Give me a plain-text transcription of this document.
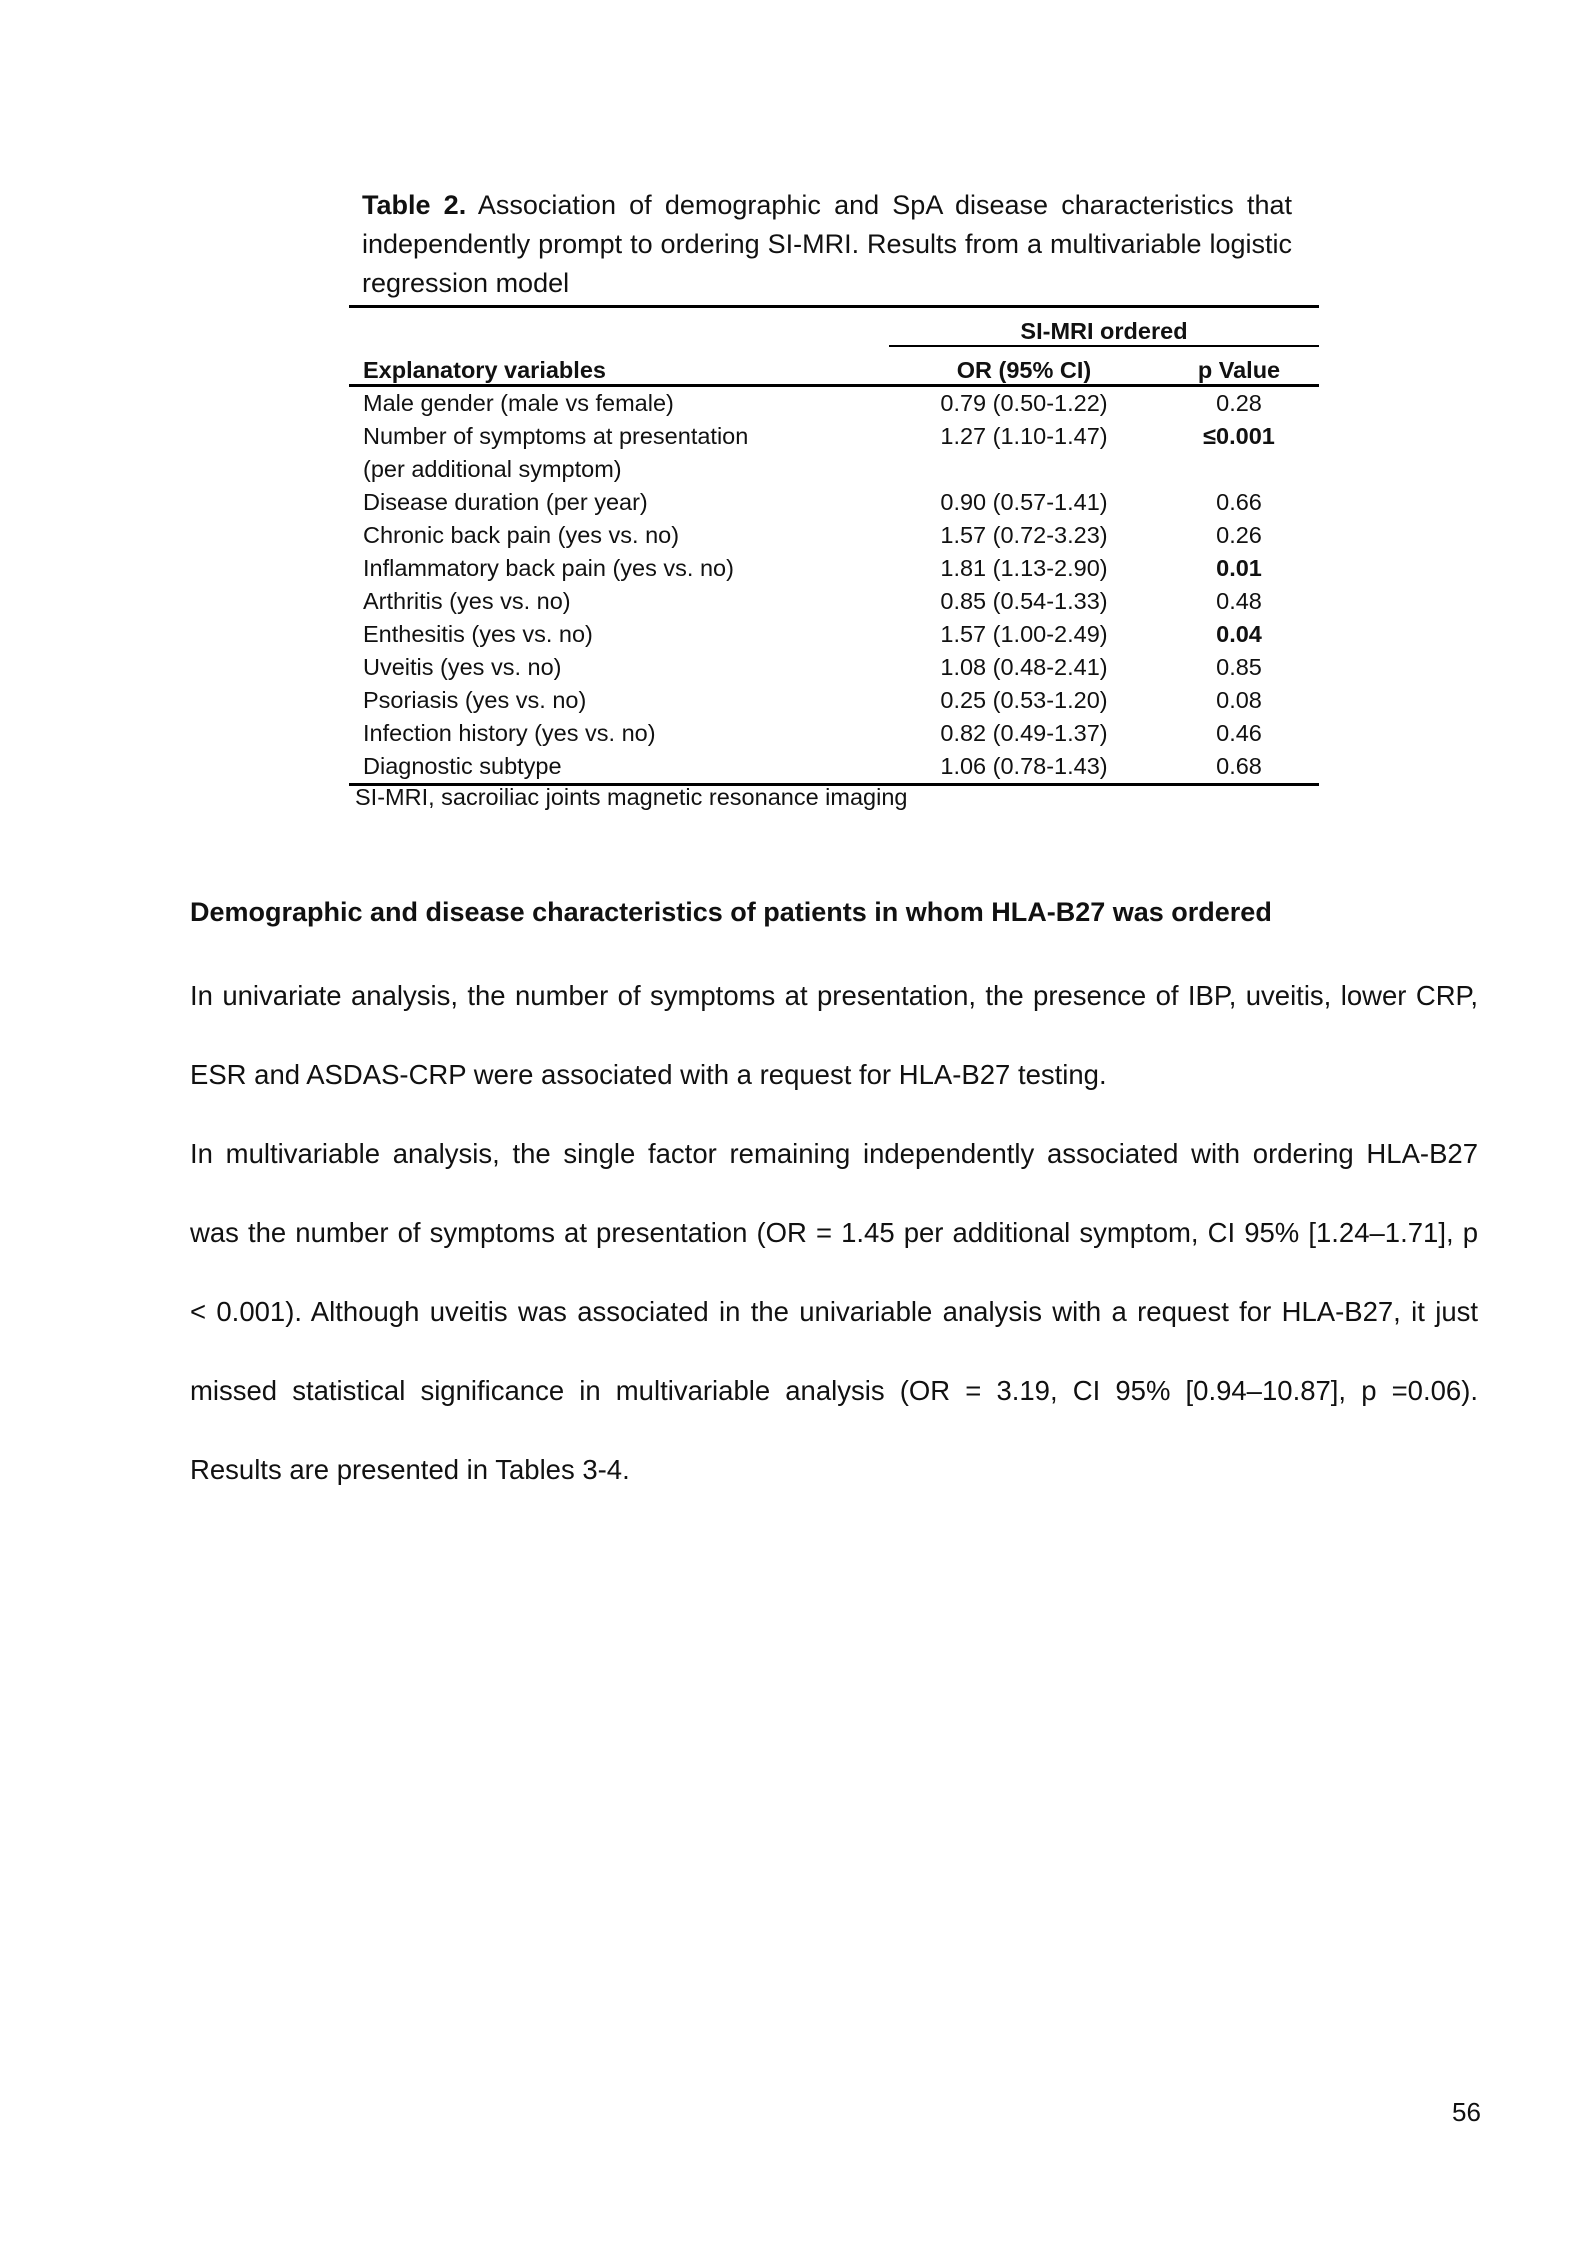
Table 2. Association of demographic and SpA disease characteristics that independently prompt to ordering SI-MRI. Results from a multivariable logistic regression model
	SI-MRI ordered	
Explanatory variables	OR (95% CI)	p Value
Male gender (male vs female)	0.79 (0.50-1.22)	0.28
Number of symptoms at presentation	1.27 (1.10-1.47)	≤0.001
(per additional symptom)		
Disease duration (per year)	0.90 (0.57-1.41)	0.66
Chronic back pain (yes vs. no)	1.57 (0.72-3.23)	0.26
Inflammatory back pain (yes vs. no)	1.81 (1.13-2.90)	0.01
Arthritis (yes vs. no)	0.85 (0.54-1.33)	0.48
Enthesitis (yes vs. no)	1.57 (1.00-2.49)	0.04
Uveitis (yes vs. no)	1.08 (0.48-2.41)	0.85
Psoriasis (yes vs. no)	0.25 (0.53-1.20)	0.08
Infection history (yes vs. no)	0.82 (0.49-1.37)	0.46
Diagnostic subtype	1.06 (0.78-1.43)	0.68
SI-MRI, sacroiliac joints magnetic resonance imaging
Demographic and disease characteristics of patients in whom HLA-B27 was ordered

In univariate analysis, the number of symptoms at presentation, the presence of IBP, uveitis, lower CRP, ESR and ASDAS-CRP were associated with a request for HLA-B27 testing.

In multivariable analysis, the single factor remaining independently associated with ordering HLA-B27 was the number of symptoms at presentation (OR = 1.45 per additional symptom, CI 95% [1.24–1.71], p < 0.001). Although uveitis was associated in the univariable analysis with a request for HLA-B27, it just missed statistical significance in multivariable analysis (OR = 3.19, CI 95% [0.94–10.87], p =0.06). Results are presented in Tables 3-4.

56
